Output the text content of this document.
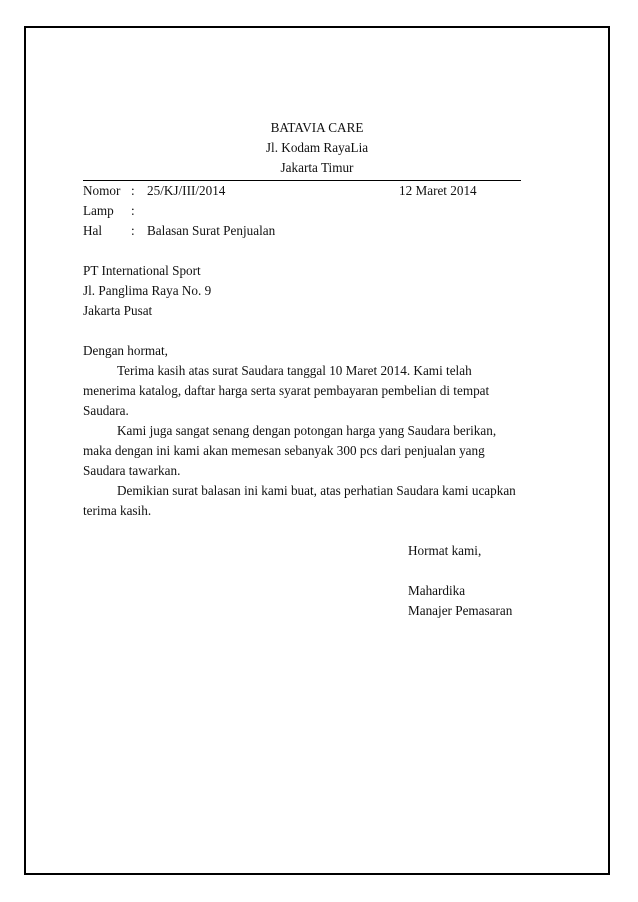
BATAVIA CARE
Jl. Kodam RayaLia
Jakarta Timur
Nomor : 25/KJ/III/2014	12 Maret 2014
Lamp	:
Hal	: Balasan Surat Penjualan
PT International Sport
Jl. Panglima Raya No. 9
Jakarta Pusat
Dengan hormat,

Terima kasih atas surat Saudara tanggal 10 Maret 2014. Kami telah menerima katalog, daftar harga serta syarat pembayaran pembelian di tempat Saudara.

Kami juga sangat senang dengan potongan harga yang Saudara berikan, maka dengan ini kami akan memesan sebanyak 300 pcs dari penjualan yang Saudara tawarkan.

Demikian surat balasan ini kami buat, atas perhatian Saudara kami ucapkan terima kasih.

Hormat kami,
Mahardika
Manajer Pemasaran
